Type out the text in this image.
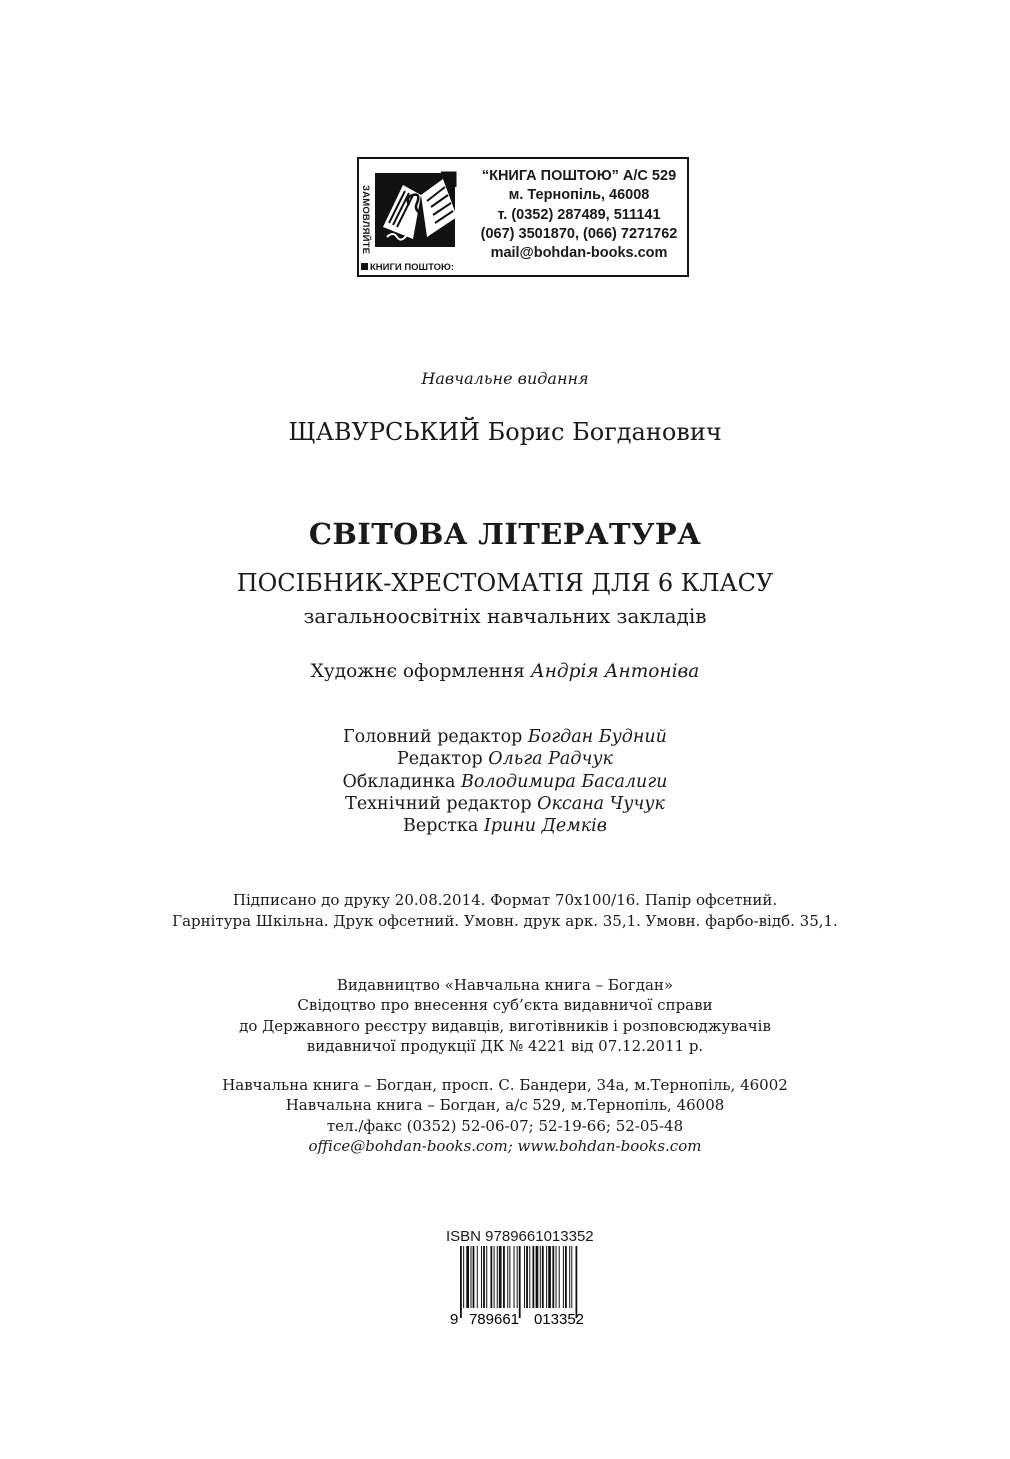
ЗАМОВЛЯЙТЕ
“КНИГА ПОШТОЮ” А/С 529
м. Тернопіль, 46008
т. (0352) 287489, 511141
(067) 3501870, (066) 7271762
mail@bohdan-books.com
КНИГИ ПОШТОЮ:
Навчальне видання
ЩАВУРСЬКИЙ Борис Богданович
СВІТОВА ЛІТЕРАТУРА
ПОСІБНИК-ХРЕСТОМАТІЯ ДЛЯ 6 КЛАСУ
загальноосвітніх навчальних закладів
Художнє оформлення Андрія Антоніва
Головний редактор Богдан Будний
Редактор Ольга Радчук
Обкладинка Володимира Басалиги
Технічний редактор Оксана Чучук
Верстка Ірини Демків
Підписано до друку 20.08.2014. Формат 70х100/16. Папір офсетний.
Гарнітура Шкільна. Друк офсетний. Умовн. друк арк. 35,1. Умовн. фарбо-відб. 35,1.
Видавництво «Навчальна книга – Богдан»
Свідоцтво про внесення суб’єкта видавничої справи
до Державного реєстру видавців, виготівників і розповсюджувачів
видавничої продукції ДК № 4221 від 07.12.2011 р.
Навчальна книга – Богдан, просп. С. Бандери, 34а, м.Тернопіль, 46002
Навчальна книга – Богдан, а/с 529, м.Тернопіль, 46008
тел./факс (0352) 52-06-07; 52-19-66; 52-05-48
office@bohdan-books.com; www.bohdan-books.com
ISBN 9789661013352
9 789661 013352
